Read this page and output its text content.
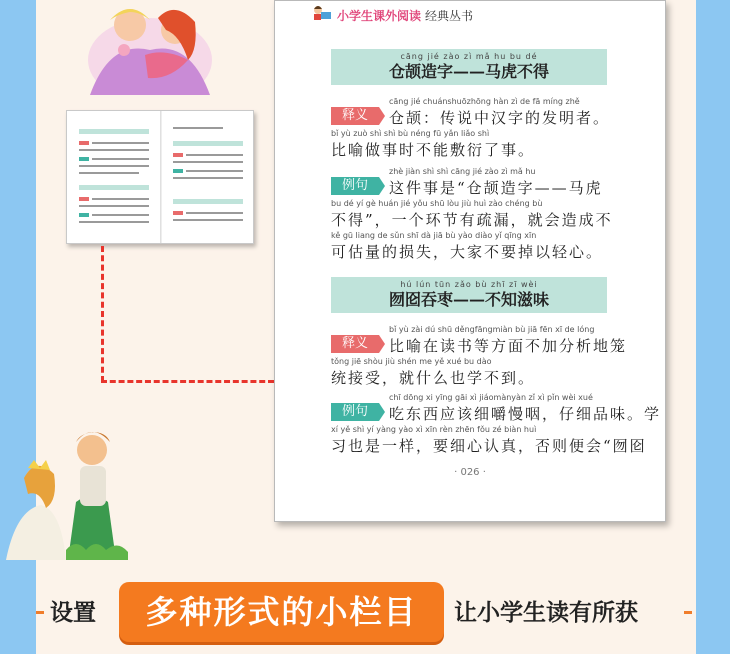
小学生课外阅读 经典丛书
cāng jié zào zì mǎ hu bu dé
仓颉造字——马虎不得
释义
cāng jié chuánshuōzhōng hàn zì de fā míng zhě
仓颉：传说中汉字的发明者。
bǐ yù zuò shì shì bù néng fū yǎn liǎo shì
比喻做事时不能敷衍了事。
例句
zhè jiàn shì shì cāng jié zào zì mǎ hu
这件事是“仓颉造字——马虎
bu dé yí gè huán jié yǒu shū lòu jiù huì zào chéng bù
不得”，一个环节有疏漏，就会造成不
kě gū liang de sǔn shī dà jiā bù yào diào yǐ qīng xīn
可估量的损失，大家不要掉以轻心。
hú lún tūn zǎo bù zhī zī wèi
囫囵吞枣——不知滋味
释义
bǐ yù zài dú shū děngfāngmiàn bù jiā fēn xī de lóng
比喻在读书等方面不加分析地笼
tǒng jiē shòu jiù shén me yě xué bu dào
统接受，就什么也学不到。
例句
chī dōng xi yīng gāi xì jiáomànyàn zǐ xì pǐn wèi xué
吃东西应该细嚼慢咽，仔细品味。学
xí yě shì yí yàng yào xì xīn rèn zhēn fǒu zé biàn huì
习也是一样，要细心认真，否则便会“囫囵
· 026 ·
设置	多种形式的小栏目	让小学生读有所获
